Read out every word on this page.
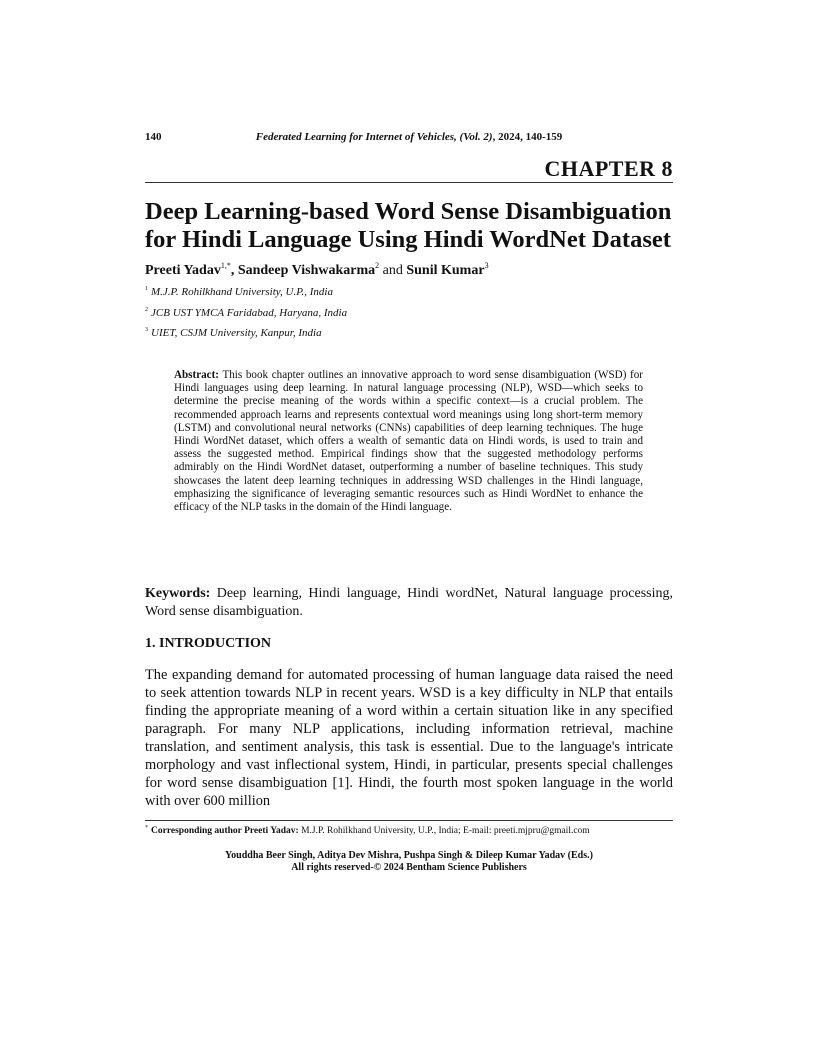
140	Federated Learning for Internet of Vehicles, (Vol. 2), 2024, 140-159
CHAPTER 8
Deep Learning-based Word Sense Disambiguation
for Hindi Language Using Hindi WordNet Dataset
Preeti Yadav$^{1,*}$, Sandeep Vishwakarma$^2$ and Sunil Kumar$^3$
$^1$ M.J.P. Rohilkhand University, U.P., India
$^2$ JCB UST YMCA Faridabad, Haryana, India
$^3$ UIET, CSJM University, Kanpur, India
Abstract: This book chapter outlines an innovative approach to word sense disambiguation (WSD) for Hindi languages using deep learning. In natural language processing (NLP), WSD—which seeks to determine the precise meaning of the words within a specific context—is a crucial problem. The recommended approach learns and represents contextual word meanings using long short-term memory (LSTM) and convolutional neural networks (CNNs) capabilities of deep learning techniques. The huge Hindi WordNet dataset, which offers a wealth of semantic data on Hindi words, is used to train and assess the suggested method. Empirical findings show that the suggested methodology performs admirably on the Hindi WordNet dataset, outperforming a number of baseline techniques. This study showcases the latent deep learning techniques in addressing WSD challenges in the Hindi language, emphasizing the significance of leveraging semantic resources such as Hindi WordNet to enhance the efficacy of the NLP tasks in the domain of the Hindi language.
Keywords: Deep learning, Hindi language, Hindi wordNet, Natural language processing, Word sense disambiguation.
1. INTRODUCTION

The expanding demand for automated processing of human language data raised the need to seek attention towards NLP in recent years. WSD is a key difficulty in NLP that entails finding the appropriate meaning of a word within a certain situation like in any specified paragraph. For many NLP applications, including information retrieval, machine translation, and sentiment analysis, this task is essential. Due to the language's intricate morphology and vast inflectional system, Hindi, in particular, presents special challenges for word sense disambiguation [1]. Hindi, the fourth most spoken language in the world with over 600 million

* Corresponding author Preeti Yadav: M.J.P. Rohilkhand University, U.P., India; E-mail: preeti.mjpru@gmail.com
Youddha Beer Singh, Aditya Dev Mishra, Pushpa Singh & Dileep Kumar Yadav (Eds.)
All rights reserved-© 2024 Bentham Science Publishers
